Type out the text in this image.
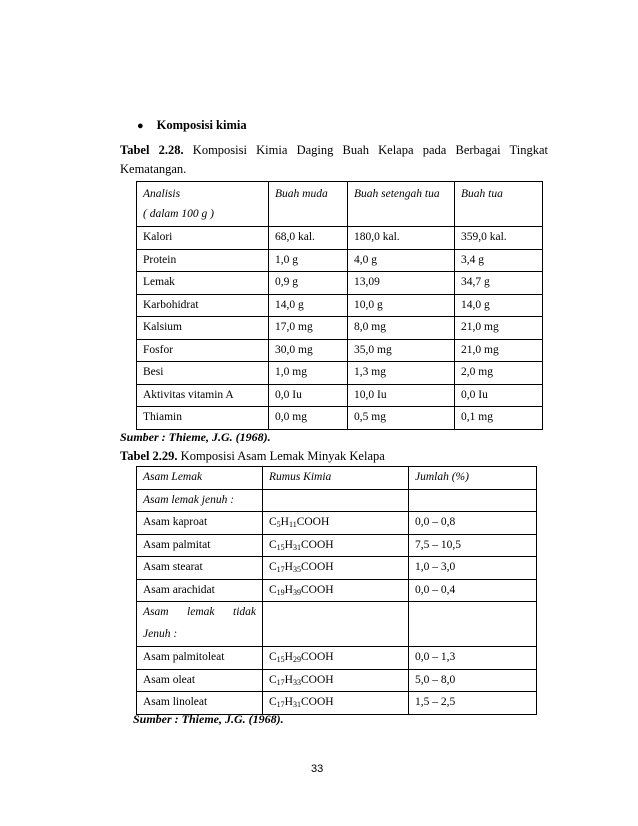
● Komposisi kimia
Tabel 2.28. Komposisi Kimia Daging Buah Kelapa pada Berbagai Tingkat
Kematangan.
Analisis
( dalam 100 g )	Buah muda	Buah setengah tua	Buah tua
Kalori	68,0 kal.	180,0 kal.	359,0 kal.
Protein	1,0 g	4,0 g	3,4 g
Lemak	0,9 g	13,09	34,7 g
Karbohidrat	14,0 g	10,0 g	14,0 g
Kalsium	17,0 mg	8,0 mg	21,0 mg
Fosfor	30,0 mg	35,0 mg	21,0 mg
Besi	1,0 mg	1,3 mg	2,0 mg
Aktivitas vitamin A	0,0 Iu	10,0 Iu	0,0 Iu
Thiamin	0,0 mg	0,5 mg	0,1 mg
Sumber : Thieme, J.G. (1968).
Tabel 2.29. Komposisi Asam Lemak Minyak Kelapa
Asam Lemak	Rumus Kimia	Jumlah (%)
Asam lemak jenuh :		
Asam kaproat	$C_5H_{11}COOH$	0,0 – 0,8
Asam palmitat	$C_{15}H_{31}COOH$	7,5 – 10,5
Asam stearat	$C_{17}H_{35}COOH$	1,0 – 3,0
Asam arachidat	$C_{19}H_{39}COOH$	0,0 – 0,4

Asam lemak tidak
Jenuh :		

Asam palmitoleat	$C_{15}H_{29}COOH$	0,0 – 1,3
Asam oleat	$C_{17}H_{33}COOH$	5,0 – 8,0
Asam linoleat	$C_{17}H_{31}COOH$	1,5 – 2,5
Sumber : Thieme, J.G. (1968).
33
